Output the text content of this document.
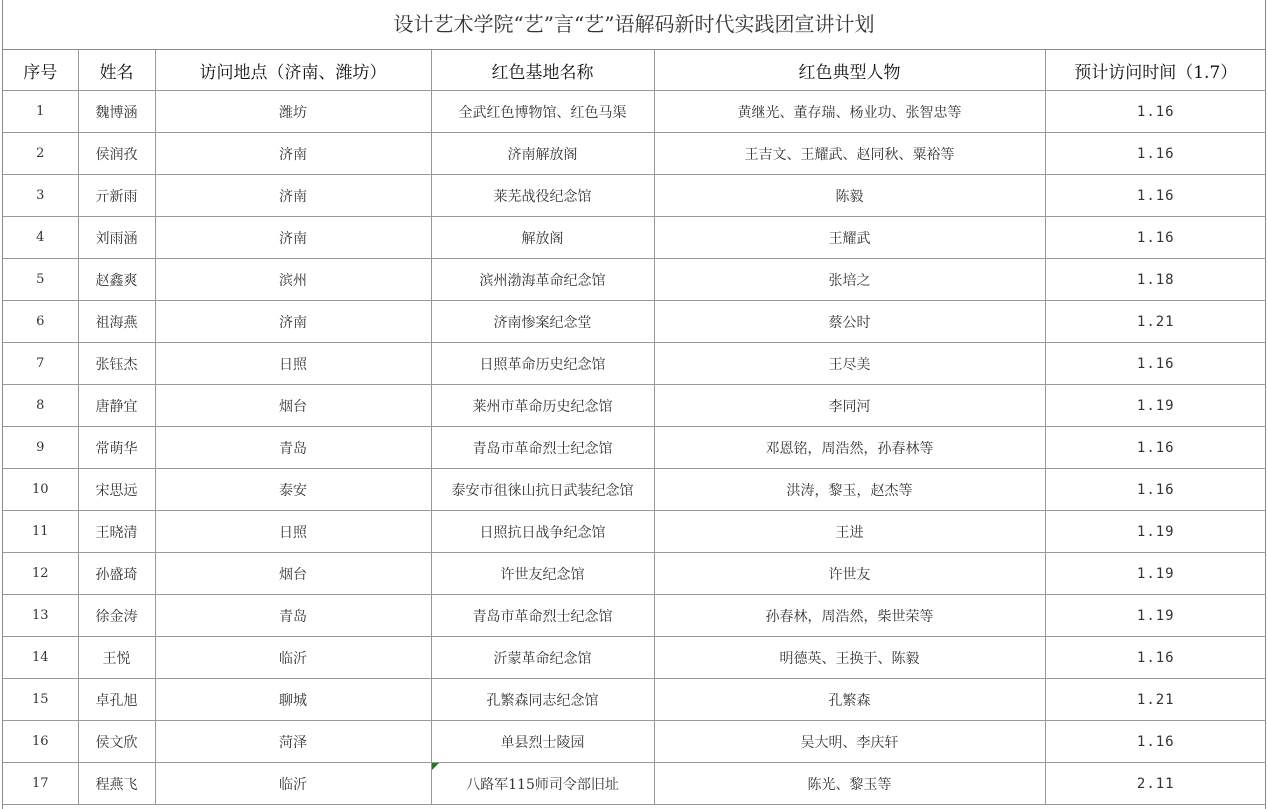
设计艺术学院“艺”言“艺”语解码新时代实践团宣讲计划
序号	姓名	访问地点（济南、潍坊）	红色基地名称	红色典型人物	预计访问时间（1.7）
1	魏博涵	潍坊	全武红色博物馆、红色马渠	黄继光、董存瑞、杨业功、张智忠等	1.16
2	侯润孜	济南	济南解放阁	王吉文、王耀武、赵同秋、粟裕等	1.16
3	亓新雨	济南	莱芜战役纪念馆	陈毅	1.16
4	刘雨涵	济南	解放阁	王耀武	1.16
5	赵鑫爽	滨州	滨州渤海革命纪念馆	张培之	1.18
6	祖海燕	济南	济南惨案纪念堂	蔡公时	1.21
7	张钰杰	日照	日照革命历史纪念馆	王尽美	1.16
8	唐静宜	烟台	莱州市革命历史纪念馆	李同河	1.19
9	常萌华	青岛	青岛市革命烈士纪念馆	邓恩铭，周浩然，孙春林等	1.16
10	宋思远	泰安	泰安市徂徕山抗日武装纪念馆	洪涛，黎玉，赵杰等	1.16
11	王晓清	日照	日照抗日战争纪念馆	王进	1.19
12	孙盛琦	烟台	许世友纪念馆	许世友	1.19
13	徐金涛	青岛	青岛市革命烈士纪念馆	孙春林，周浩然，柴世荣等	1.19
14	王悦	临沂	沂蒙革命纪念馆	明德英、王换于、陈毅	1.16
15	卓孔旭	聊城	孔繁森同志纪念馆	孔繁森	1.21
16	侯文欣	菏泽	单县烈士陵园	吴大明、李庆轩	1.16
17	程燕飞	临沂	八路军115师司令部旧址	陈光、黎玉等	2.11
